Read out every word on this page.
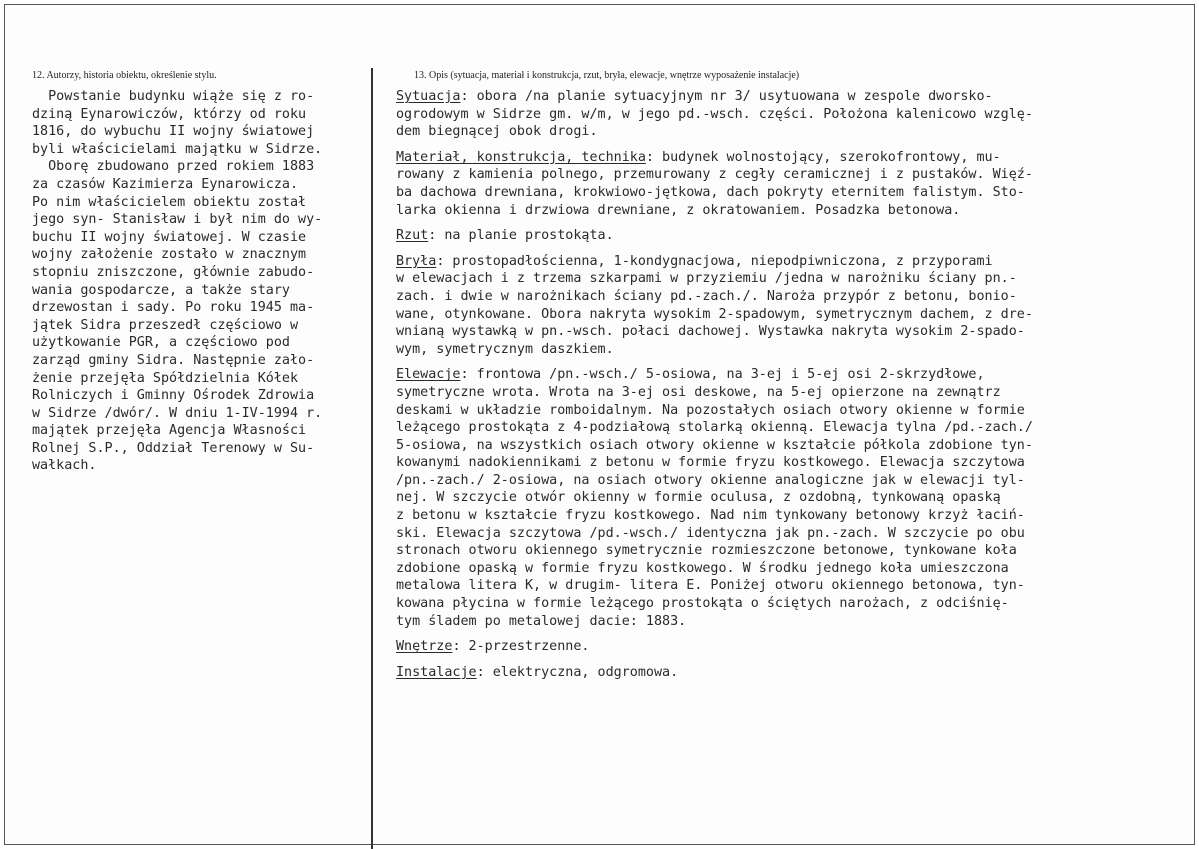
12. Autorzy, historia obiektu, określenie stylu.	13. Opis (sytuacja, materiał i konstrukcja, rzut, bryła, elewacje, wnętrze wyposażenie instalacje)
Powstanie budynku wiąże się z ro-
dziną Eynarowiczów, którzy od roku
1816, do wybuchu II wojny światowej
byli właścicielami majątku w Sidrze.
Oborę zbudowano przed rokiem 1883
za czasów Kazimierza Eynarowicza.
Po nim właścicielem obiektu został
jego syn- Stanisław i był nim do wy-
buchu II wojny światowej. W czasie
wojny założenie zostało w znacznym
stopniu zniszczone, głównie zabudo-
wania gospodarcze, a także stary
drzewostan i sady. Po roku 1945 ma-
jątek Sidra przeszedł częściowo w
użytkowanie PGR, a częściowo pod
zarząd gminy Sidra. Następnie zało-
żenie przejęła Spółdzielnia Kółek
Rolniczych i Gminny Ośrodek Zdrowia
w Sidrze /dwór/. W dniu 1-IV-1994 r.
majątek przejęła Agencja Własności
Rolnej S.P., Oddział Terenowy w Su-
wałkach.
Sytuacja: obora /na planie sytuacyjnym nr 3/ usytuowana w zespole dworsko-
ogrodowym w Sidrze gm. w/m, w jego pd.-wsch. części. Położona kalenicowo wzglę-
dem biegnącej obok drogi.
Materiał, konstrukcja, technika: budynek wolnostojący, szerokofrontowy, mu-
rowany z kamienia polnego, przemurowany z cegły ceramicznej i z pustaków. Więź-
ba dachowa drewniana, krokwiowo-jętkowa, dach pokryty eternitem falistym. Sto-
larka okienna i drzwiowa drewniane, z okratowaniem. Posadzka betonowa.
Rzut: na planie prostokąta.
Bryła: prostopadłościenna, 1-kondygnacjowa, niepodpiwniczona, z przyporami
w elewacjach i z trzema szkarpami w przyziemiu /jedna w narożniku ściany pn.-
zach. i dwie w narożnikach ściany pd.-zach./. Naroża przypór z betonu, bonio-
wane, otynkowane. Obora nakryta wysokim 2-spadowym, symetrycznym dachem, z dre-
wnianą wystawką w pn.-wsch. połaci dachowej. Wystawka nakryta wysokim 2-spado-
wym, symetrycznym daszkiem.
Elewacje: frontowa /pn.-wsch./ 5-osiowa, na 3-ej i 5-ej osi 2-skrzydłowe,
symetryczne wrota. Wrota na 3-ej osi deskowe, na 5-ej opierzone na zewnątrz
deskami w układzie romboidalnym. Na pozostałych osiach otwory okienne w formie
leżącego prostokąta z 4-podziałową stolarką okienną. Elewacja tylna /pd.-zach./
5-osiowa, na wszystkich osiach otwory okienne w kształcie półkola zdobione tyn-
kowanymi nadokiennikami z betonu w formie fryzu kostkowego. Elewacja szczytowa
/pn.-zach./ 2-osiowa, na osiach otwory okienne analogiczne jak w elewacji tyl-
nej. W szczycie otwór okienny w formie oculusa, z ozdobną, tynkowaną opaską
z betonu w kształcie fryzu kostkowego. Nad nim tynkowany betonowy krzyż łaciń-
ski. Elewacja szczytowa /pd.-wsch./ identyczna jak pn.-zach. W szczycie po obu
stronach otworu okiennego symetrycznie rozmieszczone betonowe, tynkowane koła
zdobione opaską w formie fryzu kostkowego. W środku jednego koła umieszczona
metalowa litera K, w drugim- litera E. Poniżej otworu okiennego betonowa, tyn-
kowana płycina w formie leżącego prostokąta o ściętych narożach, z odciśnię-
tym śladem po metalowej dacie: 1883.
Wnętrze: 2-przestrzenne.
Instalacje: elektryczna, odgromowa.
